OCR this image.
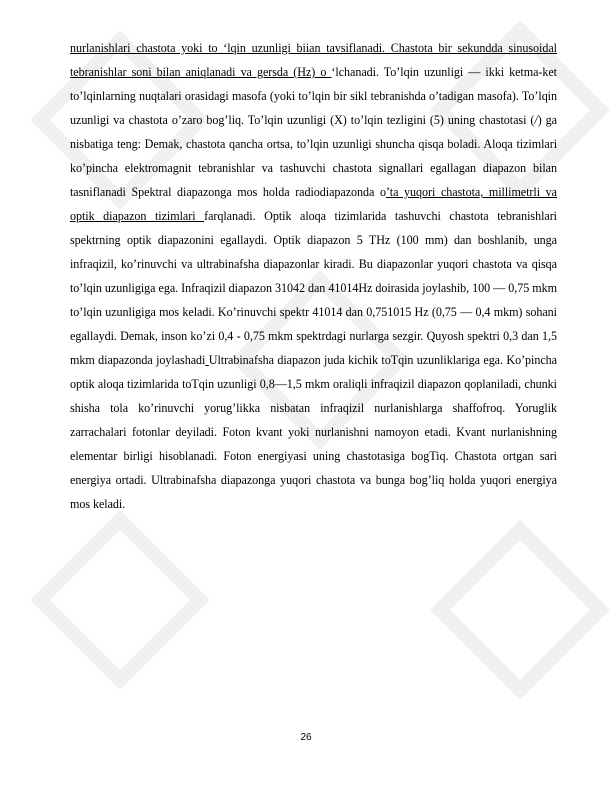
nurlanishlari chastota yoki to ‘lqin uzunligi biian tavsiflanadi. Chastota bir sekundda sinusoidal tebranishlar soni bilan aniqlanadi va gersda (Hz) o ‘lchanadi. To’lqin uzunligi — ikki ketma-ket to’lqinlarning nuqtalari orasidagi masofa (yoki to’lqin bir sikl tebranishda o’tadigan masofa). To’lqin uzunligi va chastota o’zaro bog’liq. To’lqin uzunligi (X) to’lqin tezligini (5) uning chastotasi (/) ga nisbatiga teng: Demak, chastota qancha ortsa, to’lqin uzunligi shuncha qisqa boladi. Aloqa tizimlari ko’pincha elektromagnit tebranishlar va tashuvchi chastota signallari egallagan diapazon bilan tasniflanadi Spektral diapazonga mos holda radiodiapazonda o’ta yuqori chastota, millimetrli va optik diapazon tizimlari farqlanadi. Optik aloqa tizimlarida tashuvchi chastota tebranishlari spektrning optik diapazonini egallaydi. Optik diapazon 5 THz (100 mm) dan boshlanib, unga infraqizil, ko’rinuvchi va ultrabinafsha diapazonlar kiradi. Bu diapazonlar yuqori chastota va qisqa to’lqin uzunligiga ega. Infraqizil diapazon 31042 dan 41014Hz doirasida joylashib, 100 — 0,75 mkm to’lqin uzunligiga mos keladi. Ko’rinuvchi spektr 41014 dan 0,751015 Hz (0,75 — 0,4 mkm) sohani egallaydi. Demak, inson ko’zi 0,4 - 0,75 mkm spektrdagi nurlarga sezgir. Quyosh spektri 0,3 dan 1,5 mkm diapazonda joylashadi Ultrabinafsha diapazon juda kichik toTqin uzunliklariga ega. Ko’pincha optik aloqa tizimlarida toTqin uzunligi 0,8—1,5 mkm oraliqli infraqizil diapazon qoplaniladi, chunki shisha tola ko’rinuvchi yorug’likka nisbatan infraqizil nurlanishlarga shaffofroq. Yoruglik zarrachalari fotonlar deyiladi. Foton kvant yoki nurlanishni namoyon etadi. Kvant nurlanishning elementar birligi hisoblanadi. Foton energiyasi uning chastotasiga bogTiq. Chastota ortgan sari energiya ortadi. Ultrabinafsha diapazonga yuqori chastota va bunga bog’liq holda yuqori energiya mos keladi.

26
